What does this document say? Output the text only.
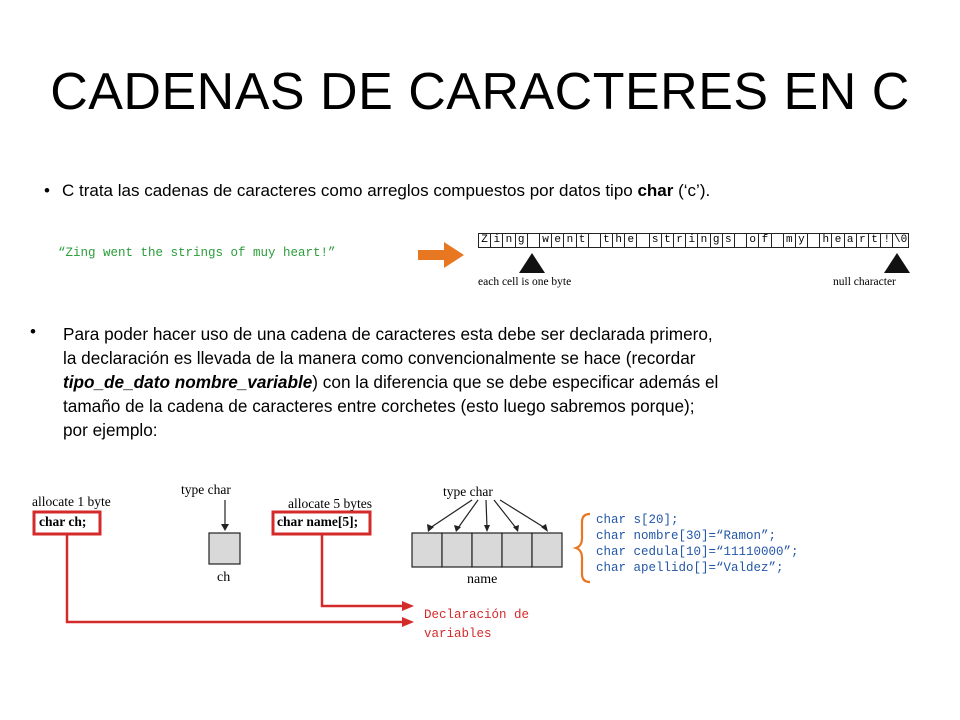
CADENAS DE CARACTERES EN C
• C trata las cadenas de caracteres como arreglos compuestos por datos tipo char (‘c’).
“Zing went the strings of muy heart!”
Z i n g w e n t t h e s t r i n g s o f m y h e a r t ! \0
each cell is one byte	null character
• Para poder hacer uso de una cadena de caracteres esta debe ser declarada primero,
la declaración es llevada de la manera como convencionalmente se hace (recordar
tipo_de_dato nombre_variable) con la diferencia que se debe especificar además el
tamaño de la cadena de caracteres entre corchetes (esto luego sabremos porque);
por ejemplo:
allocate 1 byte
char ch;
type char
ch
allocate 5 bytes
char name[5];
type char
name
Declaración de
variables
char s[20];
char nombre[30]=“Ramon”;
char cedula[10]=“11110000”;
char apellido[]=“Valdez”;
